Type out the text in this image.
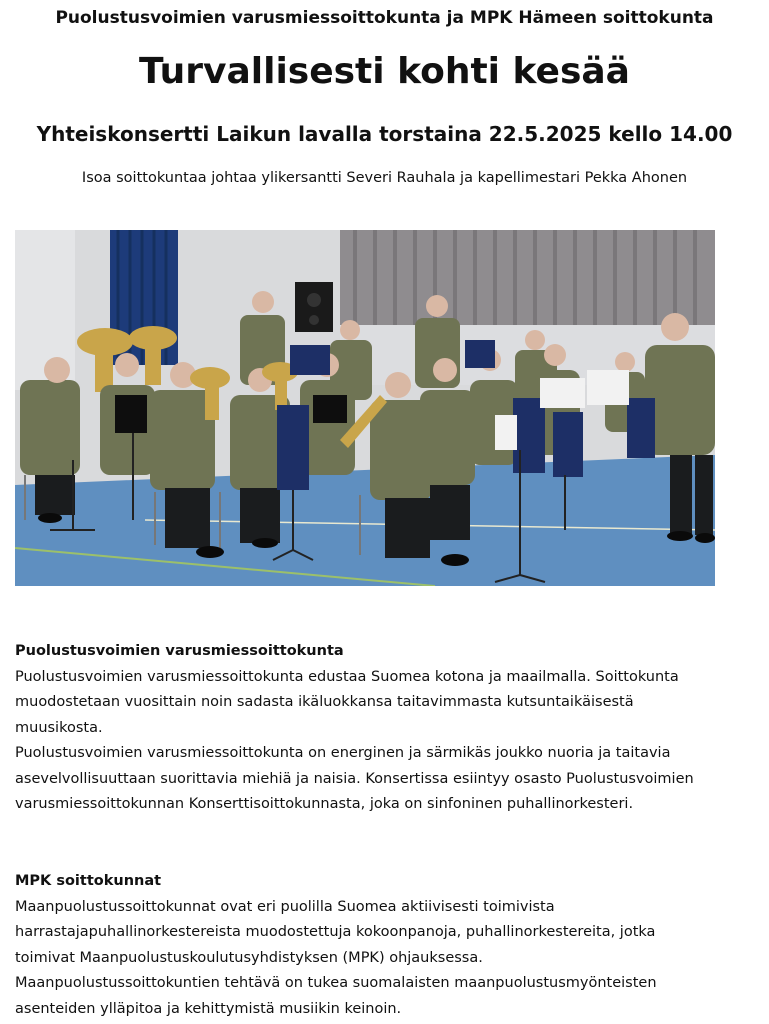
Puolustusvoimien varusmiessoittokunta ja MPK Hämeen soittokunta
Turvallisesti kohti kesää
Yhteiskonsertti Laikun lavalla torstaina 22.5.2025 kello 14.00
Isoa soittokuntaa johtaa ylikersantti Severi Rauhala ja kapellimestari Pekka Ahonen
Puolustusvoimien varusmiessoittokunta

Puolustusvoimien varusmiessoittokunta edustaa Suomea kotona ja maailmalla. Soittokunta

muodostetaan vuosittain noin sadasta ikäluokkansa taitavimmasta kutsuntaikäisestä

muusikosta.

Puolustusvoimien varusmiessoittokunta on energinen ja särmikäs joukko nuoria ja taitavia

asevelvollisuuttaan suorittavia miehiä ja naisia. Konsertissa esiintyy osasto Puolustusvoimien

varusmiessoittokunnan Konserttisoittokunnasta, joka on sinfoninen puhallinorkesteri.

MPK soittokunnat

Maanpuolustussoittokunnat ovat eri puolilla Suomea aktiivisesti toimivista

harrastajapuhallinorkestereista muodostettuja kokoonpanoja, puhallinorkestereita, jotka

toimivat Maanpuolustuskoulutusyhdistyksen (MPK) ohjauksessa.

Maanpuolustussoittokuntien tehtävä on tukea suomalaisten maanpuolustusmyönteisten

asenteiden ylläpitoa ja kehittymistä musiikin keinoin.
